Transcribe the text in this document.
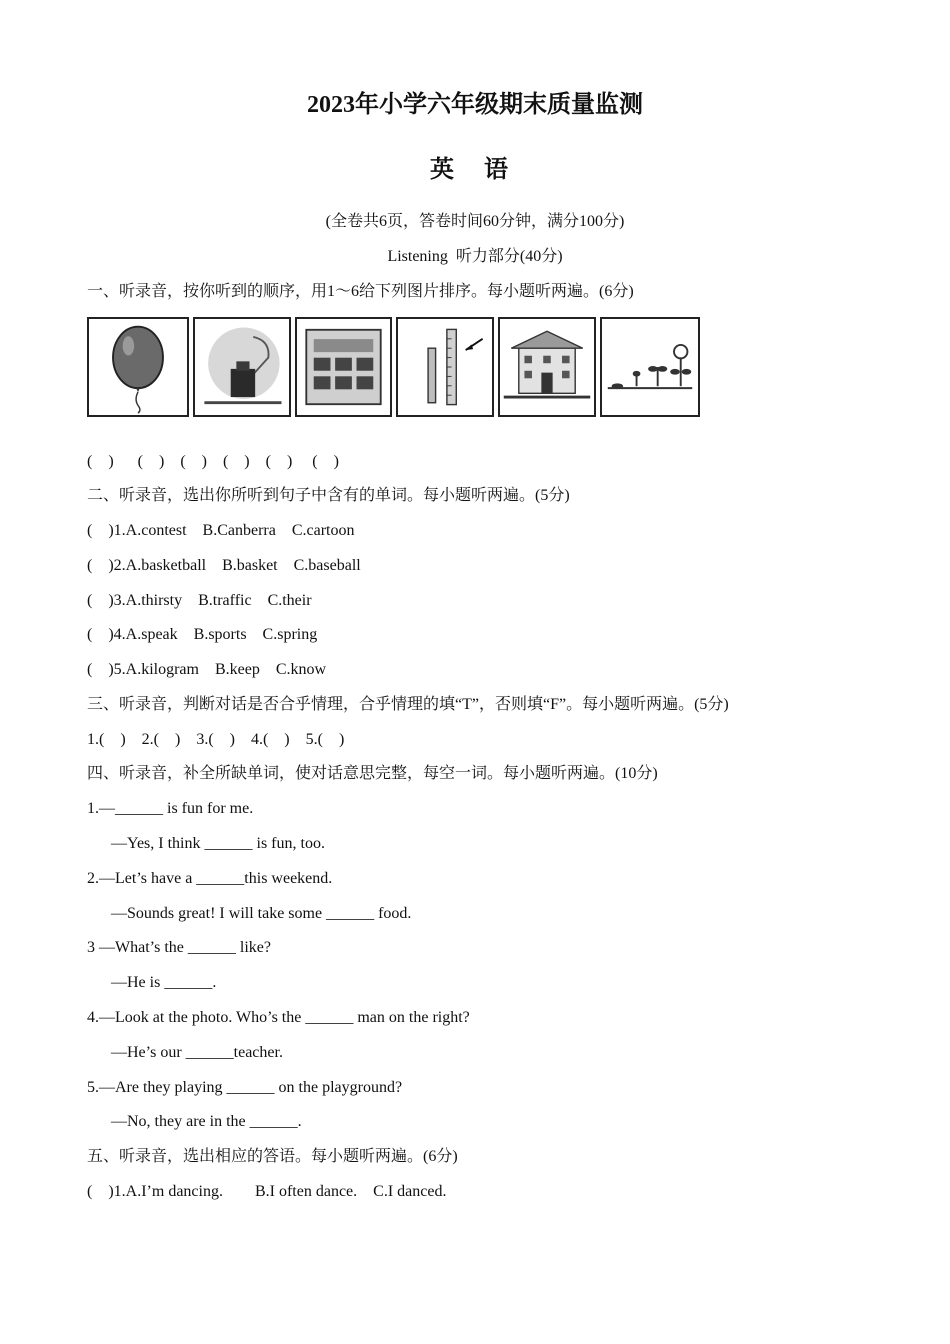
2023年小学六年级期末质量监测
英 语
(全卷共6页，答卷时间60分钟，满分100分)
Listening  听力部分(40分)
一、听录音，按你听到的顺序，用1～6给下列图片排序。每小题听两遍。(6分)
(    )      (    )    (    )    (    )    (    )     (    )
二、听录音，选出你所听到句子中含有的单词。每小题听两遍。(5分)
(    )1.A.contest    B.Canberra    C.cartoon
(    )2.A.basketball    B.basket    C.baseball
(    )3.A.thirsty    B.traffic    C.their
(    )4.A.speak    B.sports    C.spring
(    )5.A.kilogram    B.keep    C.know
三、听录音，判断对话是否合乎情理，合乎情理的填“T”，否则填“F”。每小题听两遍。(5分)
1.(    )    2.(    )    3.(    )    4.(    )    5.(    )
四、听录音，补全所缺单词，使对话意思完整，每空一词。每小题听两遍。(10分)
1.—______ is fun for me.
—Yes, I think ______ is fun, too.
2.—Let’s have a ______this weekend.
—Sounds great! I will take some ______ food.
3 —What’s the ______ like?
—He is ______.
4.—Look at the photo. Who’s the ______ man on the right?
—He’s our ______teacher.
5.—Are they playing ______ on the playground?
—No, they are in the ______.
五、听录音，选出相应的答语。每小题听两遍。(6分)
(    )1.A.I’m dancing.        B.I often dance.    C.I danced.
